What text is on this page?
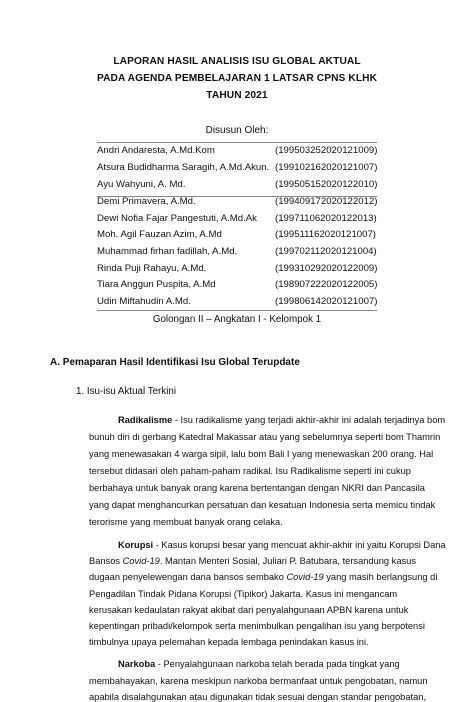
LAPORAN HASIL ANALISIS ISU GLOBAL AKTUAL
PADA AGENDA PEMBELAJARAN 1 LATSAR CPNS KLHK
TAHUN 2021
Disusun Oleh:
Andri Andaresta, A.Md.Kom	(199503252020121009)
Atsura Budidharma Saragih, A.Md.Akun. (199102162020121007)
Ayu Wahyuni, A. Md.	(199505152020122010)
Demi Primavera, A.Md.	(199409172020122012)
Dewi Nofia Fajar Pangestuti, A.Md.Ak (199711062020122013)
Moh. Agil Fauzan Azim, A.Md	(199511162020121007)
Muhammad firhan fadillah, A.Md.	(199702112020121004)
Rinda Puji Rahayu, A.Md.	(199310292020122009)
Tiara Anggun Puspita, A.Md	(198907222020122005)
Udin Miftahudin A.Md.	(199806142020121007)
Golongan II – Angkatan I - Kelompok 1
A. Pemaparan Hasil Identifikasi Isu Global Terupdate
1. Isu-isu Aktual Terkini
Radikalisme - Isu radikalisme yang terjadi akhir-akhir ini adalah terjadinya bom
bunuh diri di gerbang Katedral Makassar atau yang sebelumnya seperti bom Thamrin
yang menewasakan 4 warga sipil, lalu bom Bali I yang menewaskan 200 orang. Hal
tersebut didasari oleh paham-paham radikal. Isu Radikalisme seperti ini cukup
berbahaya untuk banyak orang karena bertentangan dengan NKRI dan Pancasila
yang dapat menghancurkan persatuan dan kesatuan Indonesia serta memicu tindak
terorisme yang membuat banyak orang celaka.
Korupsi - Kasus korupsi besar yang mencuat akhir-akhir ini yaitu Korupsi Dana
Bansos Covid-19. Mantan Menteri Sosial, Juliari P. Batubara, tersandung kasus
dugaan penyelewengan dana bansos sembako Covid-19 yang masih berlangsung di
Pengadilan Tindak Pidana Korupsi (Tipikor) Jakarta. Kasus ini mengancam
kerusakan kedaulatan rakyat akibat dari penyalahgunaan APBN karena untuk
kepentingan pribadi/kelompok serta menimbulkan pengalihan isu yang berpotensi
timbulnya upaya pelemahan kepada lembaga penindakan kasus ini.
Narkoba - Penyalahgunaan narkoba telah berada pada tingkat yang
membahayakan, karena meskipun narkoba bermanfaat untuk pengobatan, namun
apabila disalahgunakan atau digunakan tidak sesuai dengan standar pengobatan,
